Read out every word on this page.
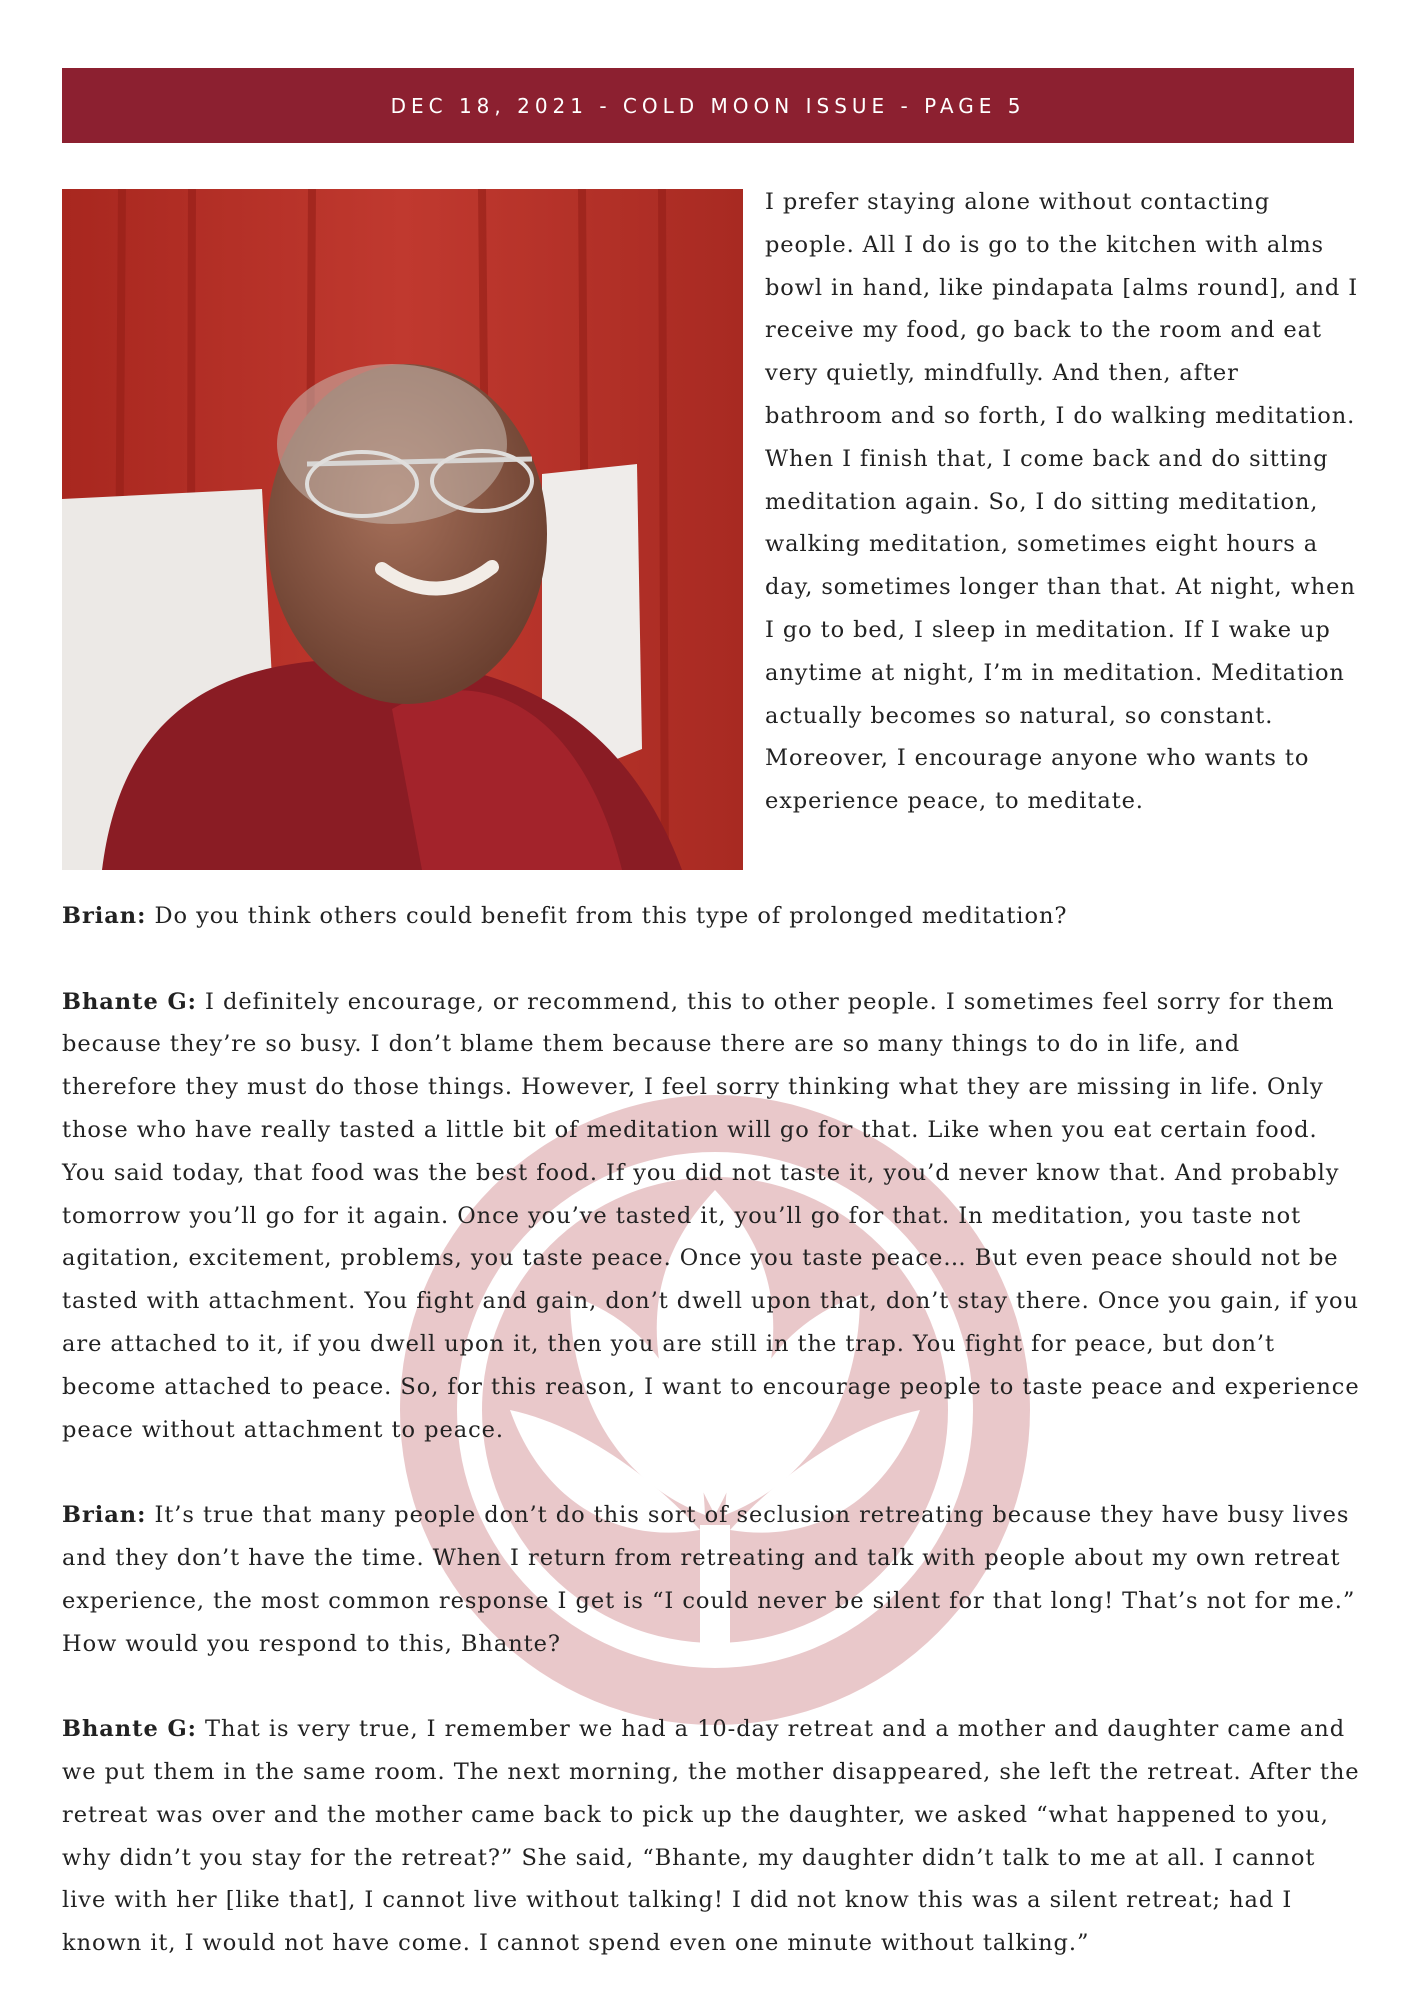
DEC 18, 2021 - COLD MOON ISSUE - PAGE 5

I prefer staying alone without contacting people. All I do is go to the kitchen with alms bowl in hand, like pindapata [alms round], and I receive my food, go back to the room and eat very quietly, mindfully. And then, after bathroom and so forth, I do walking meditation. When I finish that, I come back and do sitting meditation again. So, I do sitting meditation, walking meditation, sometimes eight hours a day, sometimes longer than that. At night, when I go to bed, I sleep in meditation. If I wake up anytime at night, I’m in meditation. Meditation actually becomes so natural, so constant. Moreover, I encourage anyone who wants to experience peace, to meditate.

Brian: Do you think others could benefit from this type of prolonged meditation?

Bhante G: I definitely encourage, or recommend, this to other people. I sometimes feel sorry for them because they’re so busy. I don’t blame them because there are so many things to do in life, and therefore they must do those things. However, I feel sorry thinking what they are missing in life. Only those who have really tasted a little bit of meditation will go for that. Like when you eat certain food. You said today, that food was the best food. If you did not taste it, you’d never know that. And probably tomorrow you’ll go for it again. Once you’ve tasted it, you’ll go for that. In meditation, you taste not agitation, excitement, problems, you taste peace. Once you taste peace… But even peace should not be tasted with attachment. You fight and gain, don’t dwell upon that, don’t stay there. Once you gain, if you are attached to it, if you dwell upon it, then you are still in the trap. You fight for peace, but don’t become attached to peace. So, for this reason, I want to encourage people to taste peace and experience peace without attachment to peace.

Brian: It’s true that many people don’t do this sort of seclusion retreating because they have busy lives and they don’t have the time. When I return from retreating and talk with people about my own retreat experience, the most common response I get is “I could never be silent for that long! That’s not for me.” How would you respond to this, Bhante?

Bhante G: That is very true, I remember we had a 10-day retreat and a mother and daughter came and we put them in the same room. The next morning, the mother disappeared, she left the retreat. After the retreat was over and the mother came back to pick up the daughter, we asked “what happened to you, why didn’t you stay for the retreat?” She said, “Bhante, my daughter didn’t talk to me at all. I cannot live with her [like that], I cannot live without talking! I did not know this was a silent retreat; had I known it, I would not have come. I cannot spend even one minute without talking.”
